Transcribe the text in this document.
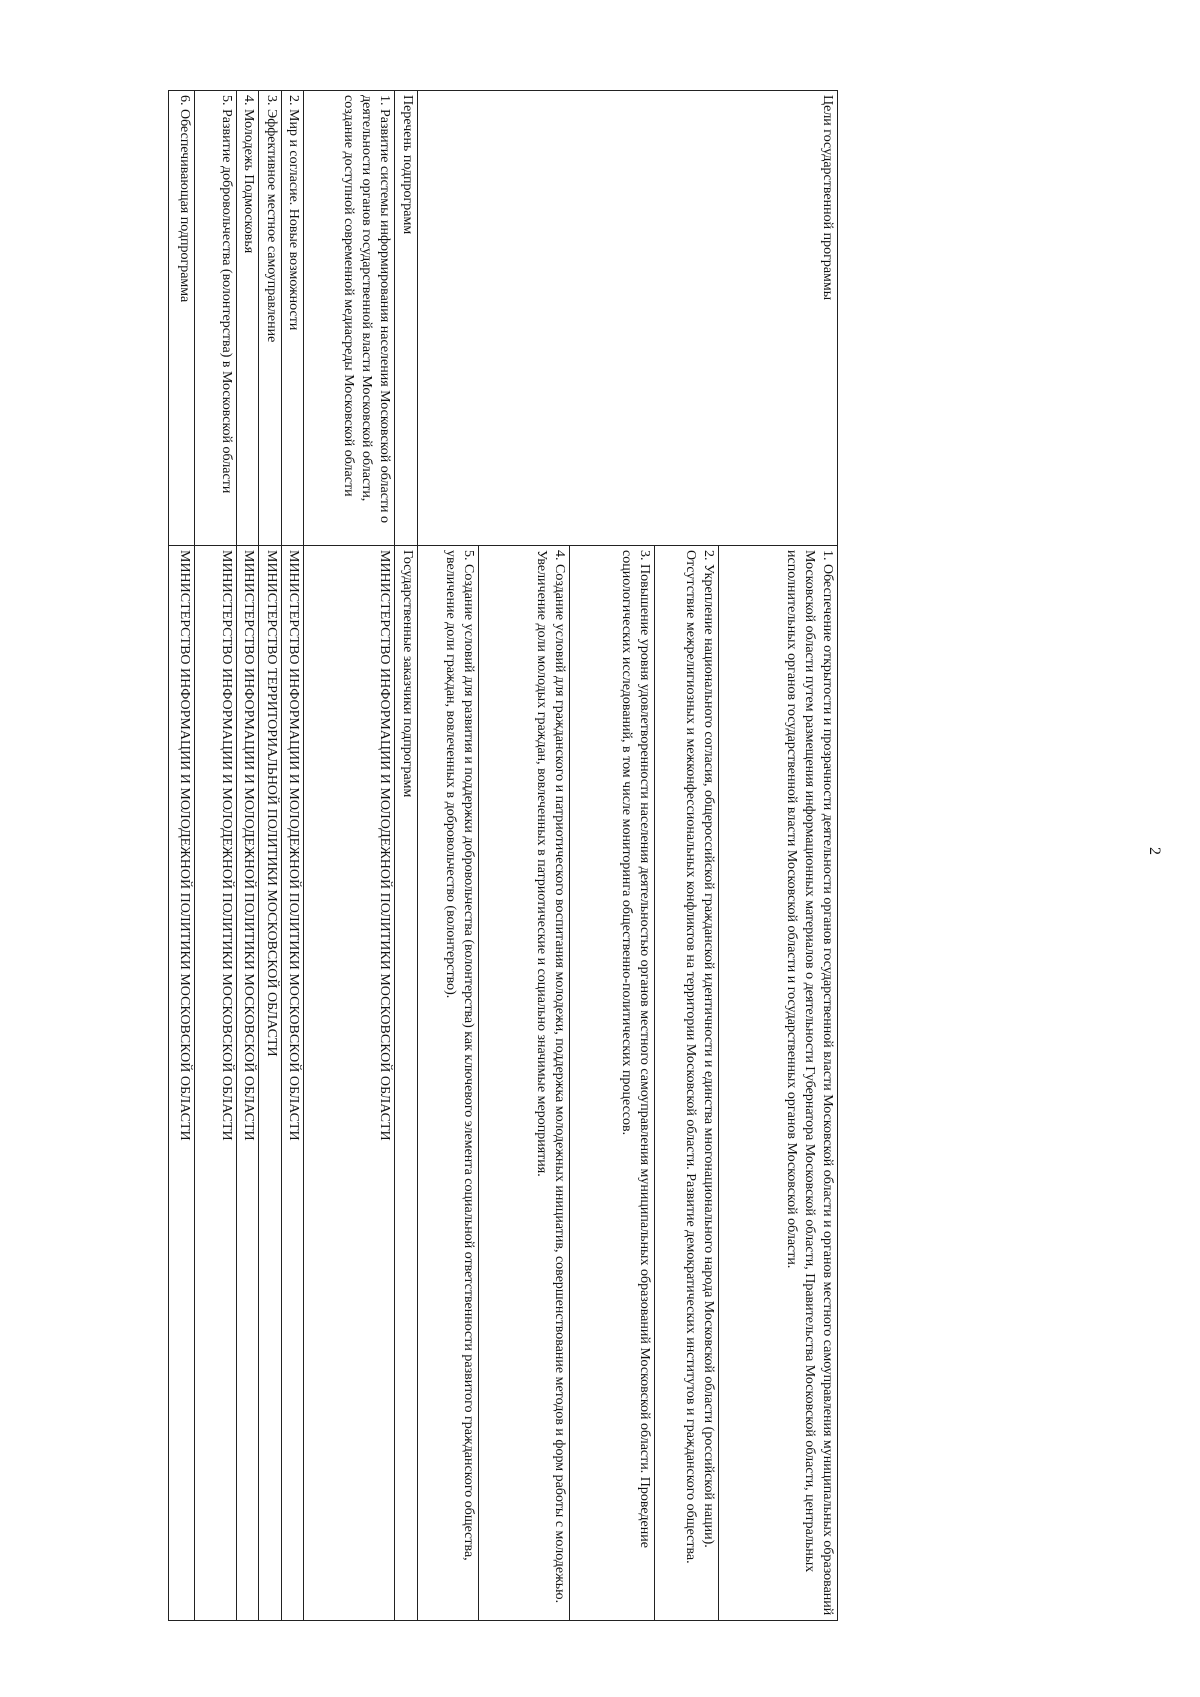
Цели государственной программы	1. Обеспечение открытости и прозрачности деятельности органов государственной власти Московской области и органов местного самоуправления муниципальных образований Московской области путем размещения информационных материалов о деятельности Губернатора Московской области, Правительства Московской области, центральных исполнительных органов государственной власти Московской области и государственных органов Московской области.
	2. Укрепление национального согласия, общероссийской гражданской идентичности и единства многонационального народа Московской области (российской нации). Отсутствие межрелигиозных и межконфессиональных конфликтов на территории Московской области. Развитие демократических институтов и гражданского общества.
	3. Повышение уровня удовлетворенности населения деятельностью органов местного самоуправления муниципальных образований Московской области. Проведение социологических исследований, в том числе мониторинга общественно-политических процессов.
	4. Создание условий для гражданского и патриотического воспитания молодежи, поддержка молодежных инициатив, совершенствование методов и форм работы с молодежью. Увеличение доли молодых граждан, вовлеченных в патриотические и социально значимые мероприятия.
	5. Создание условий для развития и поддержки добровольчества (волонтерства) как ключевого элемента социальной ответственности развитого гражданского общества, увеличение доли граждан, вовлеченных в добровольчество (волонтерство).
Перечень подпрограмм	Государственные заказчики подпрограмм
1. Развитие системы информирования населения Московской области о деятельности органов государственной власти Московской области, создание доступной современной медиасреды Московской области	МИНИСТЕРСТВО ИНФОРМАЦИИ И МОЛОДЕЖНОЙ ПОЛИТИКИ МОСКОВСКОЙ ОБЛАСТИ
2. Мир и согласие. Новые возможности	МИНИСТЕРСТВО ИНФОРМАЦИИ И МОЛОДЕЖНОЙ ПОЛИТИКИ МОСКОВСКОЙ ОБЛАСТИ
3. Эффективное местное самоуправление	МИНИСТЕРСТВО ТЕРРИТОРИАЛЬНОЙ ПОЛИТИКИ МОСКОВСКОЙ ОБЛАСТИ
4. Молодежь Подмосковья	МИНИСТЕРСТВО ИНФОРМАЦИИ И МОЛОДЕЖНОЙ ПОЛИТИКИ МОСКОВСКОЙ ОБЛАСТИ
5. Развитие добровольчества (волонтерства) в Московской области	МИНИСТЕРСТВО ИНФОРМАЦИИ И МОЛОДЕЖНОЙ ПОЛИТИКИ МОСКОВСКОЙ ОБЛАСТИ
6. Обеспечивающая подпрограмма	МИНИСТЕРСТВО ИНФОРМАЦИИ И МОЛОДЕЖНОЙ ПОЛИТИКИ МОСКОВСКОЙ ОБЛАСТИ	2
